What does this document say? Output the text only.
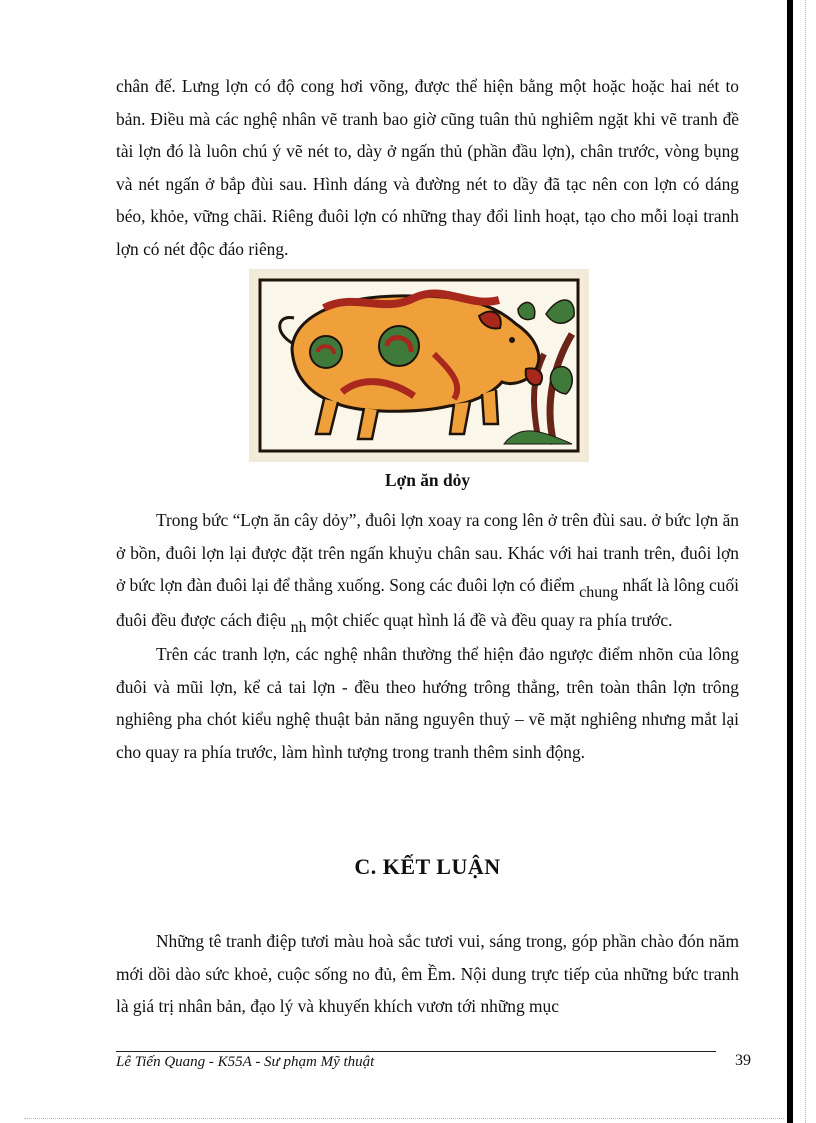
chân đế. Lưng lợn có độ cong hơi võng, được thể hiện bằng một hoặc hoặc hai nét to bản. Điều mà các nghệ nhân vẽ tranh bao giờ cũng tuân thủ nghiêm ngặt khi vẽ tranh đề tài lợn đó là luôn chú ý vẽ nét to, dày ở ngấn thủ (phần đầu lợn), chân trước, vòng bụng và nét ngấn ở bắp đùi sau. Hình dáng và đường nét to dầy đã tạc nên con lợn có dáng béo, khỏe, vững chãi. Riêng đuôi lợn có những thay đổi linh hoạt, tạo cho mỗi loại tranh lợn có nét độc đáo riêng.

Lợn ăn dỏy

Trong bức “Lợn ăn cây dỏy”, đuôi lợn xoay ra cong lên ở trên đùi sau. ở bức lợn ăn ở bồn, đuôi lợn lại được đặt trên ngấn khuỷu chân sau. Khác với hai tranh trên, đuôi lợn ở bức lợn đàn đuôi lại để thẳng xuống. Song các đuôi lợn có điểm chung nhất là lông cuối đuôi đều được cách điệu nh một chiếc quạt hình lá đề và đều quay ra phía trước.

Trên các tranh lợn, các nghệ nhân thường thể hiện đảo ngược điểm nhõn của lông đuôi và mũi lợn, kể cả tai lợn - đều theo hướng trông thẳng, trên toàn thân lợn trông nghiêng pha chót kiểu nghệ thuật bản năng nguyên thuỷ – vẽ mặt nghiêng nhưng mắt lại cho quay ra phía trước, làm hình tượng trong tranh thêm sinh động.

C. KẾT LUẬN

Những tê tranh điệp tươi màu hoà sắc tươi vui, sáng trong, góp phần chào đón năm mới dồi dào sức khoẻ, cuộc sống no đủ, êm Ềm. Nội dung trực tiếp của những bức tranh là giá trị nhân bản, đạo lý và khuyến khích vươn tới những mục

Lê Tiến Quang - K55A - Sư phạm Mỹ thuật	39
